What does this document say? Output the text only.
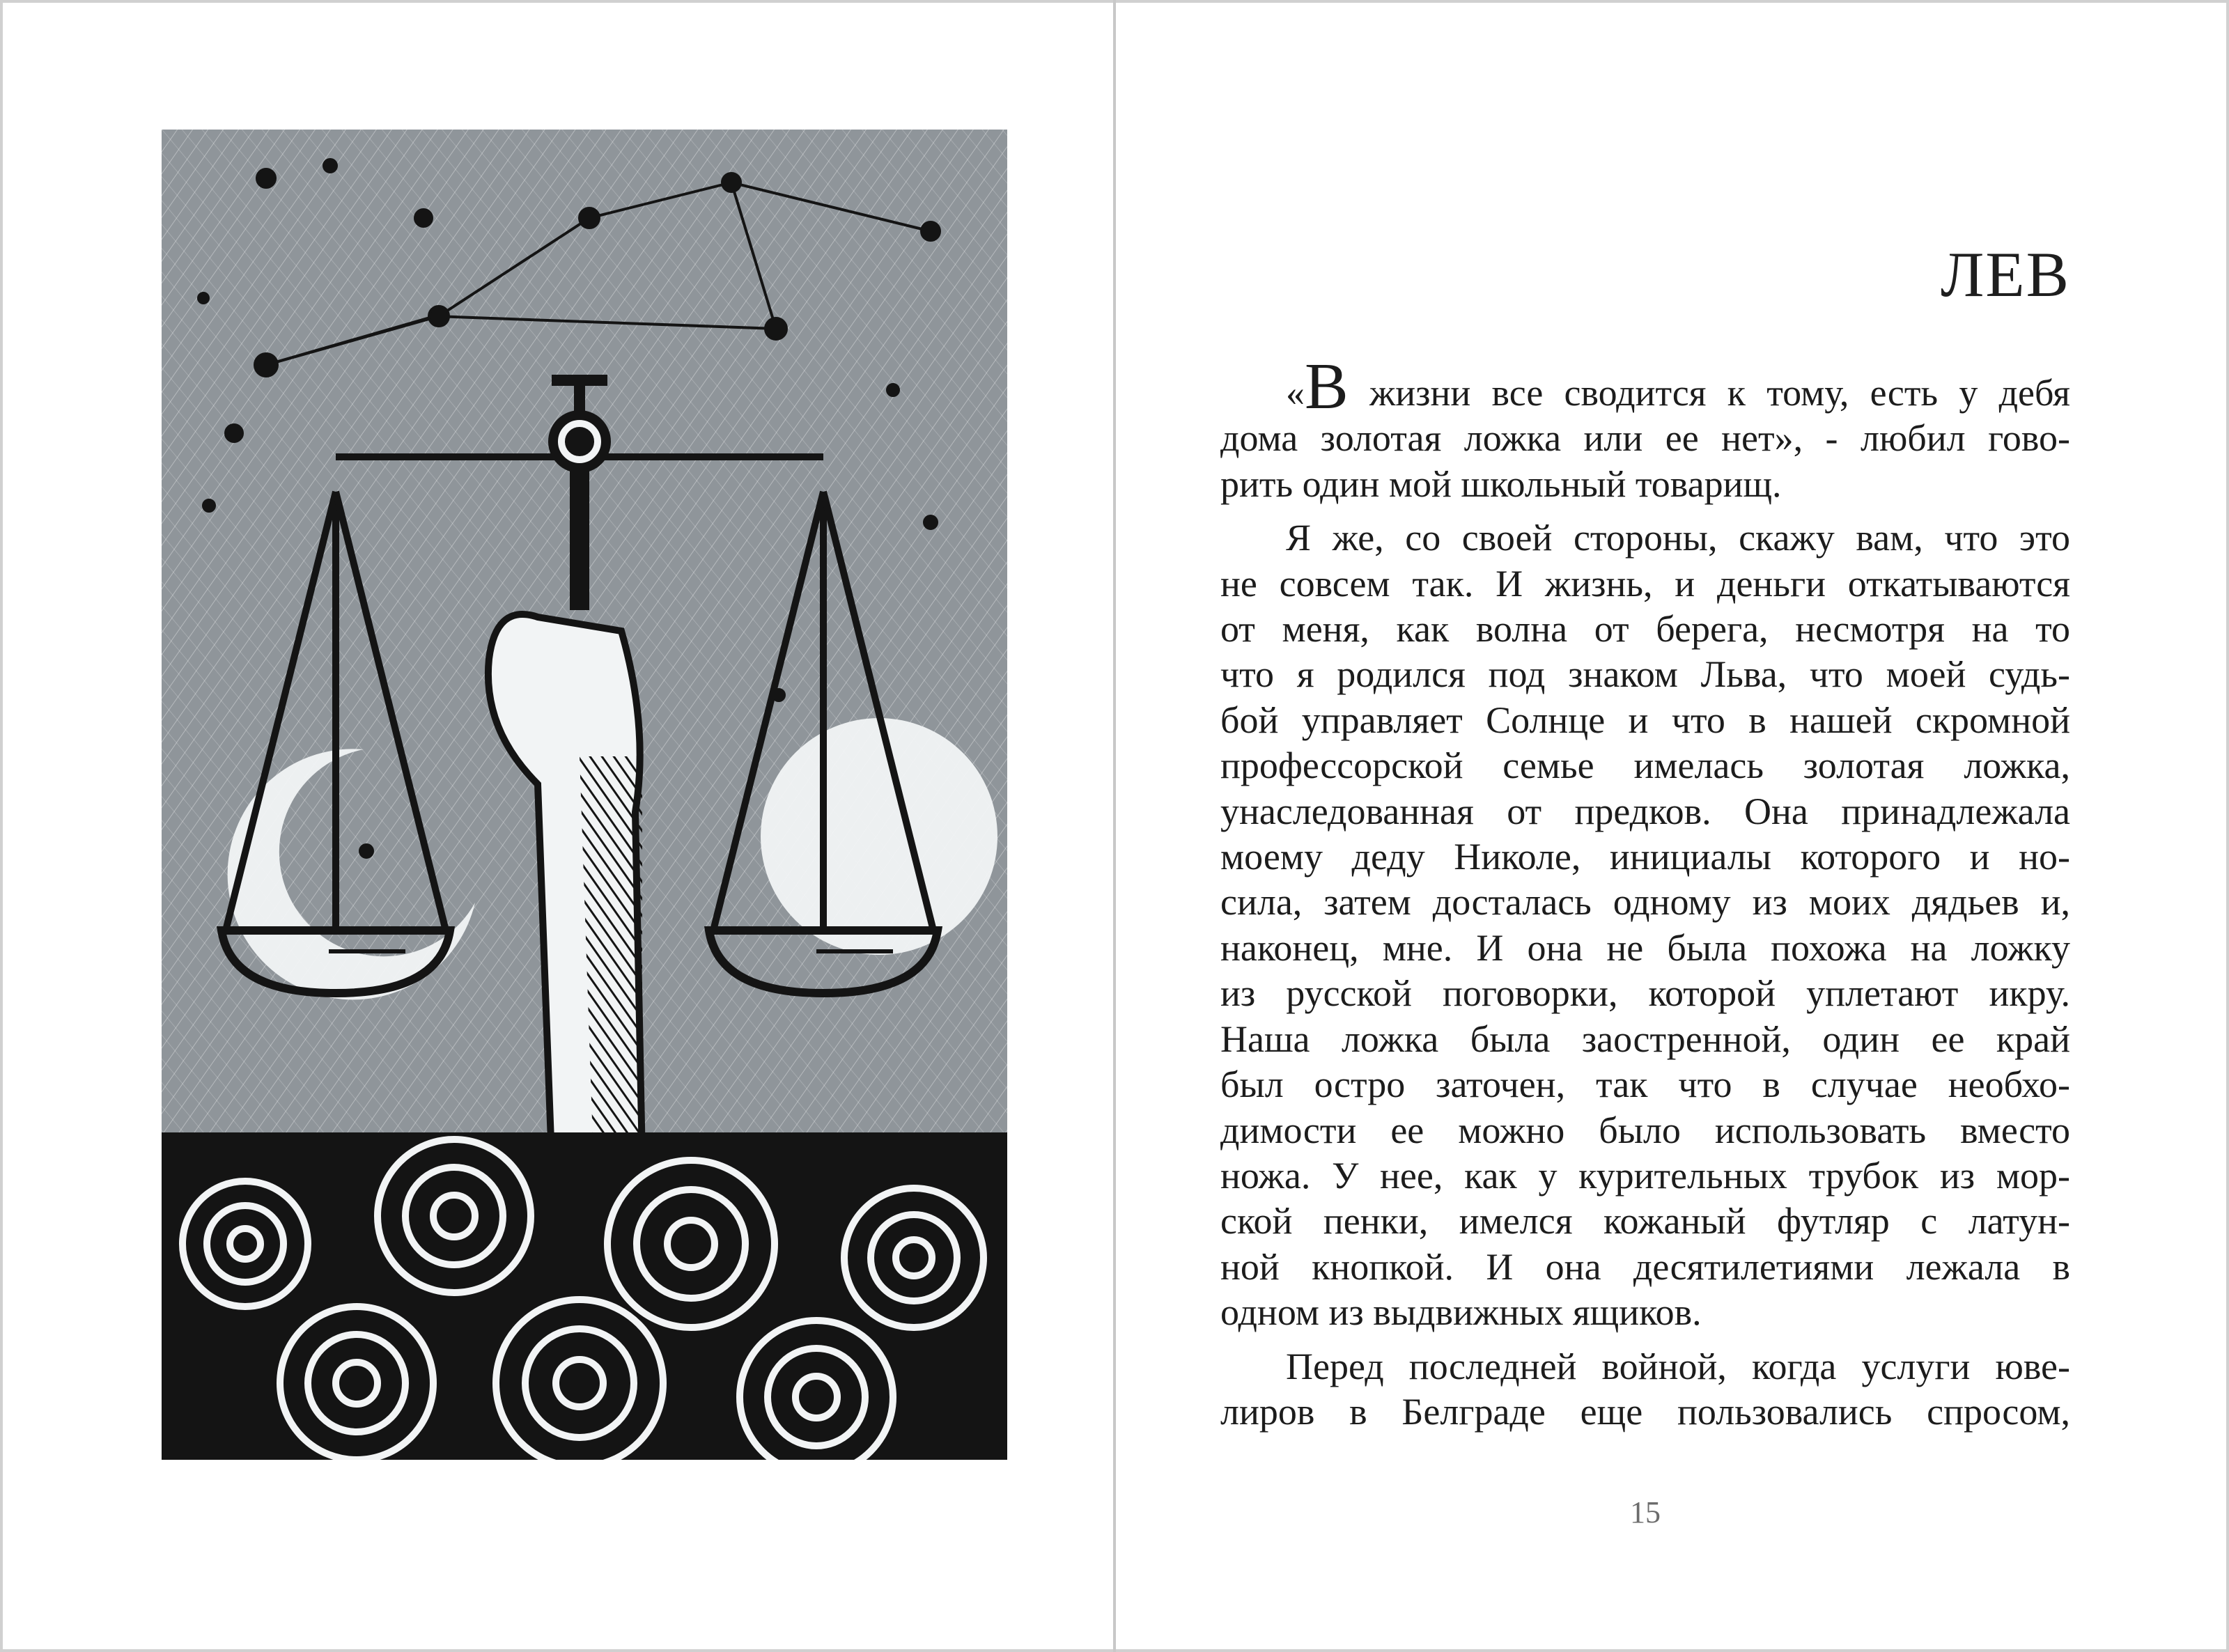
ЛЕВ
«В жизни все сводится к тому, есть у дебя
дома золотая ложка или ее нет», - любил гово-
рить один мой школьный товарищ.
Я же, со своей стороны, скажу вам, что это
не совсем так. И жизнь, и деньги откатываются
от меня, как волна от берега, несмотря на то
что я родился под знаком Льва, что моей судь-
бой управляет Солнце и что в нашей скромной
профессорской семье имелась золотая ложка,
унаследованная от предков. Она принадлежала
моему деду Николе, инициалы которого и но-
сила, затем досталась одному из моих дядьев и,
наконец, мне. И она не была похожа на ложку
из русской поговорки, которой уплетают икру.
Наша ложка была заостренной, один ее край
был остро заточен, так что в случае необхо-
димости ее можно было использовать вместо
ножа. У нее, как у курительных трубок из мор-
ской пенки, имелся кожаный футляр с латун-
ной кнопкой. И она десятилетиями лежала в
одном из выдвижных ящиков.
Перед последней войной, когда услуги юве-
лиров в Белграде еще пользовались спросом,
15
